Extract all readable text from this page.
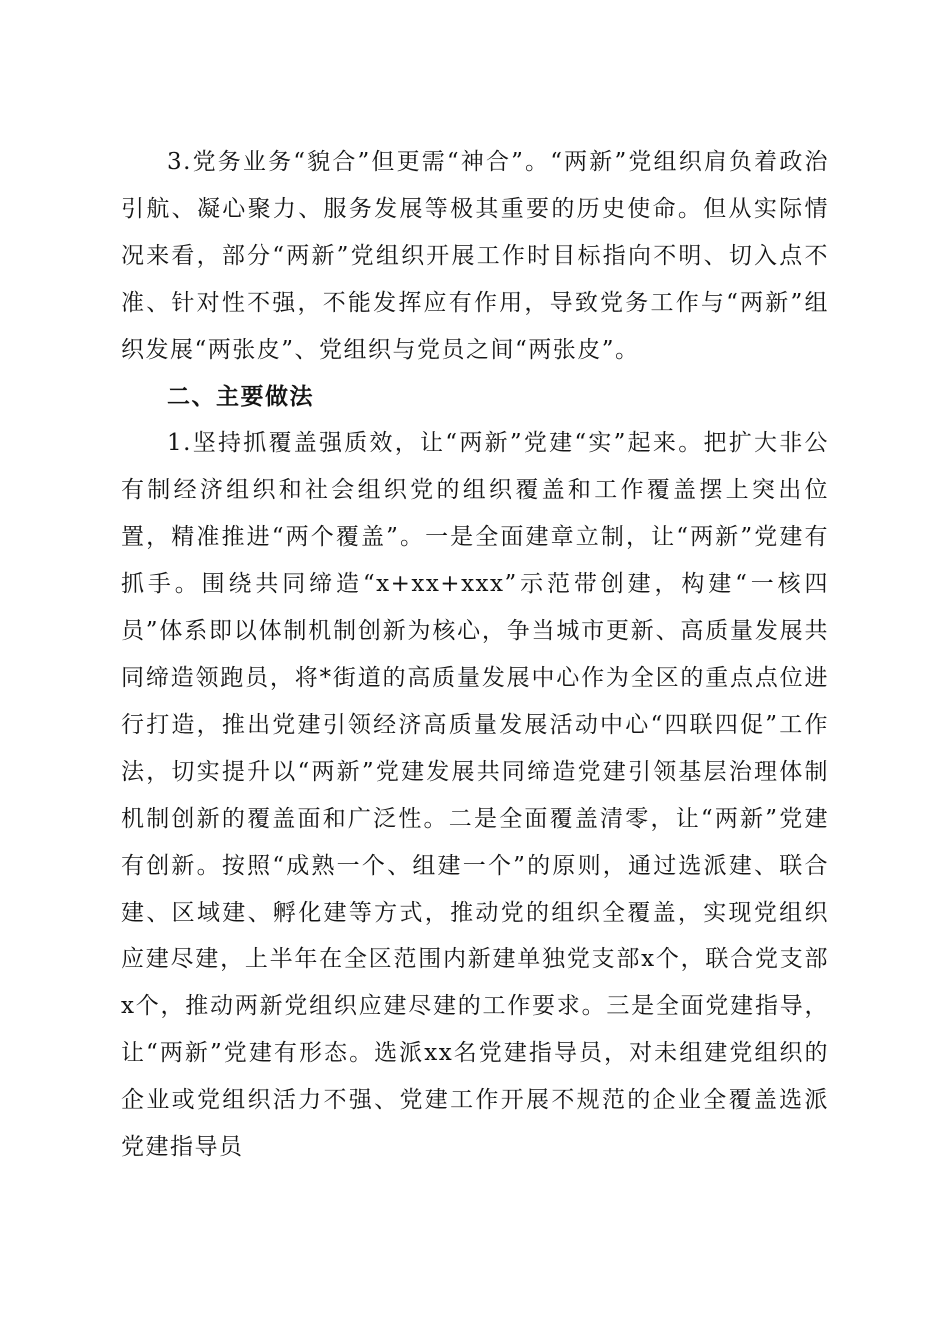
3.党务业务“貌合”但更需“神合”。“两新”党组织肩负着政治引航、凝心聚力、服务发展等极其重要的历史使命。但从实际情况来看，部分“两新”党组织开展工作时目标指向不明、切入点不准、针对性不强，不能发挥应有作用，导致党务工作与“两新”组织发展“两张皮”、党组织与党员之间“两张皮”。

二、主要做法

1.坚持抓覆盖强质效，让“两新”党建“实”起来。把扩大非公有制经济组织和社会组织党的组织覆盖和工作覆盖摆上突出位置，精准推进“两个覆盖”。一是全面建章立制，让“两新”党建有抓手。围绕共同缔造“x+xx+xxx”示范带创建，构建“一核四员”体系即以体制机制创新为核心，争当城市更新、高质量发展共同缔造领跑员，将*街道的高质量发展中心作为全区的重点点位进行打造，推出党建引领经济高质量发展活动中心“四联四促”工作法，切实提升以“两新”党建发展共同缔造党建引领基层治理体制机制创新的覆盖面和广泛性。二是全面覆盖清零，让“两新”党建有创新。按照“成熟一个、组建一个”的原则，通过选派建、联合建、区域建、孵化建等方式，推动党的组织全覆盖，实现党组织应建尽建，上半年在全区范围内新建单独党支部x个，联合党支部x个，推动两新党组织应建尽建的工作要求。三是全面党建指导，让“两新”党建有形态。选派xx名党建指导员，对未组建党组织的企业或党组织活力不强、党建工作开展不规范的企业全覆盖选派党建指导员
